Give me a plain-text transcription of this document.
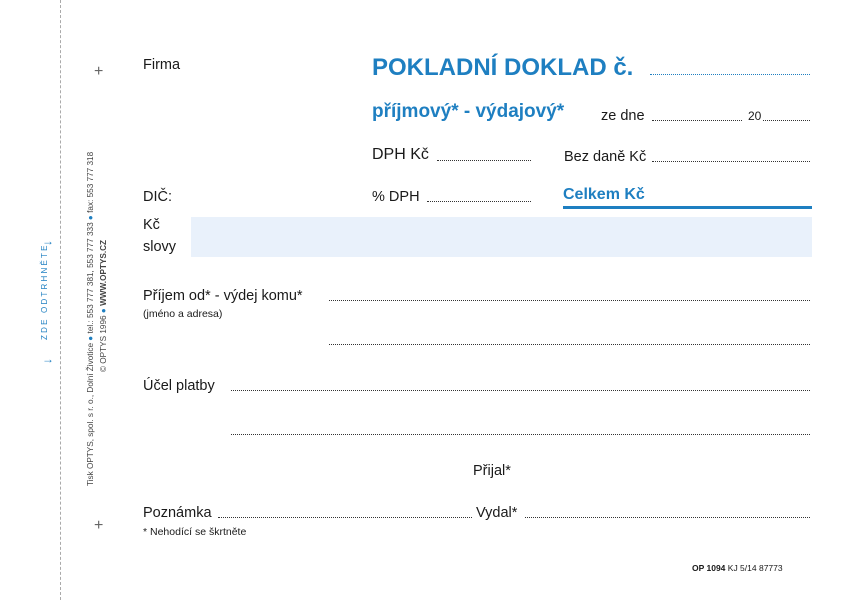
→
ZDE ODTRHNĚTE
→	Tisk OPTYS, spol. s r. o., Dolní Životice ● tel.: 553 777 381, 553 777 333 ● fax: 553 777 318
© OPTYS 1996 ● WWW.OPTYS.CZ
+
+
Firma	POKLADNÍ DOKLAD č.
příjmový* - výdajový*	ze dne	20
DPH Kč	Bez daně Kč
DIČ:	% DPH	Celkem Kč
Kč
slovy
Příjem od* - výdej komu*
(jméno a adresa)
Účel platby
Přijal*
Poznámka	Vydal*
* Nehodící se škrtněte
OP 1094 KJ 5/14 87773
